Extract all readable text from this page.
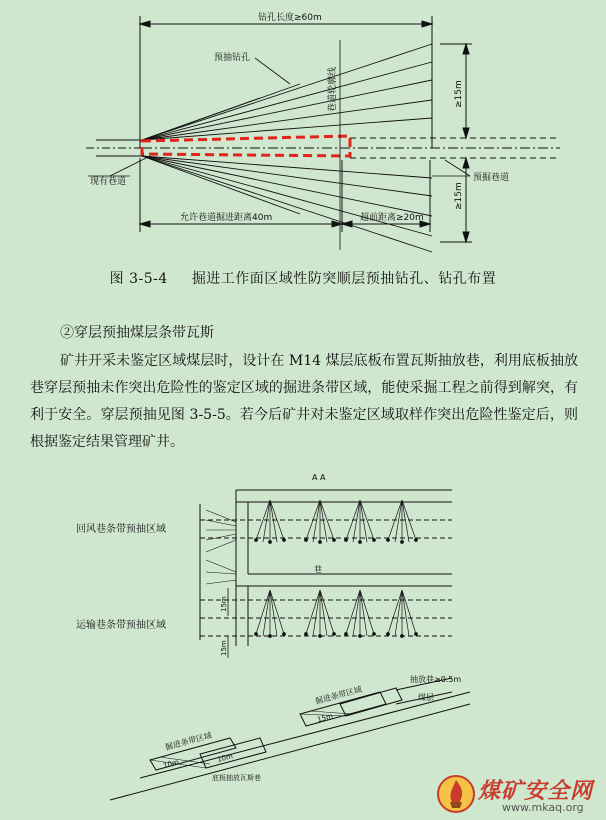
钻孔长度≥60m
巷道轮廓线
预抽钻孔
现有巷道	预掘巷道
≥15m
≥15m
允许巷道掘进距离40m	超前距离≥20m
图 3-5-4 掘进工作面区域性防突顺层预抽钻孔、钻孔布置
②穿层预抽煤层条带瓦斯
矿井开采未鉴定区域煤层时，设计在 M14 煤层底板布置瓦斯抽放巷，利用底板抽放巷穿层预抽未作突出危险性的鉴定区域的掘进条带区域，能使采掘工程之前得到解突，有利于安全。穿层预抽见图 3-5-5。若今后矿井对未鉴定区域取样作突出危险性鉴定后，则根据鉴定结果管理矿井。
A A
回风巷条带预抽区域
运输巷条带预抽区域
巷
15m
15m
煤层
抽放巷≥0.5m
掘进条带区域
掘进条带区域
底板抽放瓦斯巷
10m
10m
15m
煤矿安全网
www.mkaq.org
